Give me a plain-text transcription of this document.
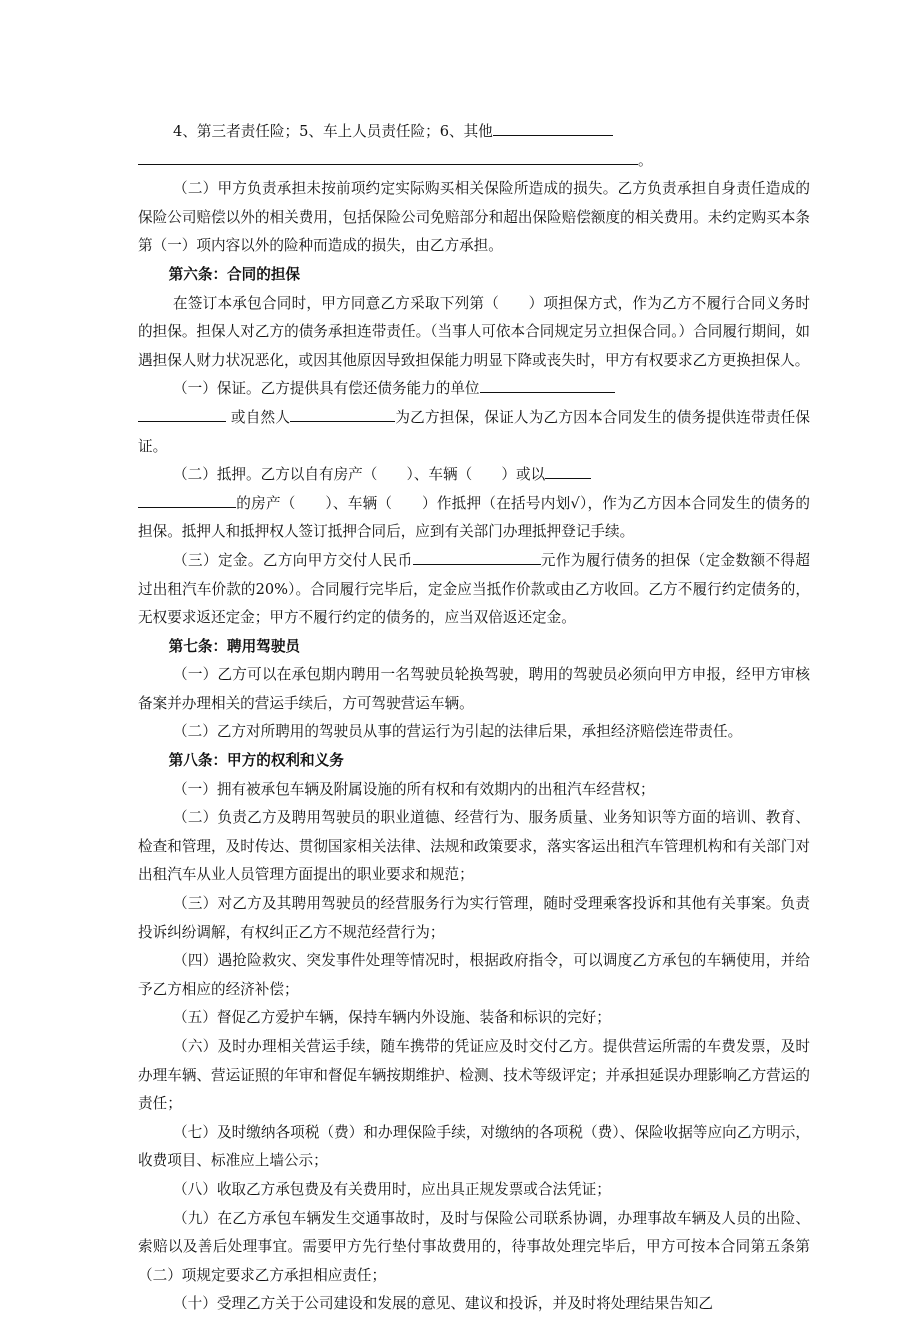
4、第三者责任险；5、车上人员责任险；6、其他

。

（二）甲方负责承担未按前项约定实际购买相关保险所造成的损失。乙方负责承担自身责任造成的保险公司赔偿以外的相关费用，包括保险公司免赔部分和超出保险赔偿额度的相关费用。未约定购买本条第（一）项内容以外的险种而造成的损失，由乙方承担。

第六条：合同的担保

在签订本承包合同时，甲方同意乙方采取下列第（　　）项担保方式，作为乙方不履行合同义务时的担保。担保人对乙方的债务承担连带责任。（当事人可依本合同规定另立担保合同。）合同履行期间，如遇担保人财力状况恶化，或因其他原因导致担保能力明显下降或丧失时，甲方有权要求乙方更换担保人。

（一）保证。乙方提供具有偿还债务能力的单位
或自然人	为乙方担保，保证人为乙方因本合同发生的债务提供连带责任保证。

（二）抵押。乙方以自有房产（　　）、车辆（　　）或以
的房产（　　）、车辆（　　）作抵押（在括号内划√），作为乙方因本合同发生的债务的担保。抵押人和抵押权人签订抵押合同后，应到有关部门办理抵押登记手续。

（三）定金。乙方向甲方交付人民币	元作为履行债务的担保（定金数额不得超过出租汽车价款的20%）。合同履行完毕后，定金应当抵作价款或由乙方收回。乙方不履行约定债务的，无权要求返还定金；甲方不履行约定的债务的，应当双倍返还定金。

第七条：聘用驾驶员

（一）乙方可以在承包期内聘用一名驾驶员轮换驾驶，聘用的驾驶员必须向甲方申报，经甲方审核备案并办理相关的营运手续后，方可驾驶营运车辆。

（二）乙方对所聘用的驾驶员从事的营运行为引起的法律后果，承担经济赔偿连带责任。

第八条：甲方的权利和义务

（一）拥有被承包车辆及附属设施的所有权和有效期内的出租汽车经营权；

（二）负责乙方及聘用驾驶员的职业道德、经营行为、服务质量、业务知识等方面的培训、教育、检查和管理，及时传达、贯彻国家相关法律、法规和政策要求，落实客运出租汽车管理机构和有关部门对出租汽车从业人员管理方面提出的职业要求和规范；

（三）对乙方及其聘用驾驶员的经营服务行为实行管理，随时受理乘客投诉和其他有关事案。负责投诉纠纷调解，有权纠正乙方不规范经营行为；

（四）遇抢险救灾、突发事件处理等情况时，根据政府指令，可以调度乙方承包的车辆使用，并给予乙方相应的经济补偿；

（五）督促乙方爱护车辆，保持车辆内外设施、装备和标识的完好；

（六）及时办理相关营运手续，随车携带的凭证应及时交付乙方。提供营运所需的车费发票，及时办理车辆、营运证照的年审和督促车辆按期维护、检测、技术等级评定；并承担延误办理影响乙方营运的责任；

（七）及时缴纳各项税（费）和办理保险手续，对缴纳的各项税（费）、保险收据等应向乙方明示，收费项目、标准应上墙公示；

（八）收取乙方承包费及有关费用时，应出具正规发票或合法凭证；

（九）在乙方承包车辆发生交通事故时，及时与保险公司联系协调，办理事故车辆及人员的出险、索赔以及善后处理事宜。需要甲方先行垫付事故费用的，待事故处理完毕后，甲方可按本合同第五条第（二）项规定要求乙方承担相应责任；

（十）受理乙方关于公司建设和发展的意见、建议和投诉，并及时将处理结果告知乙
